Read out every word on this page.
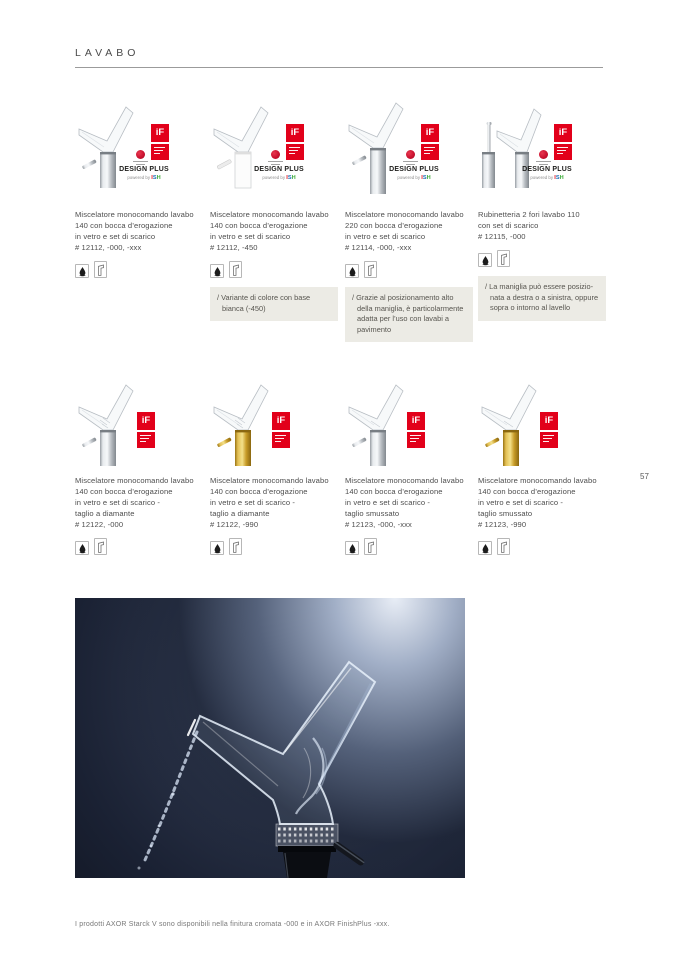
LAVABO
iF
DESIGN PLUS
powered by ISH
Miscelatore monocomando lavabo
140 con bocca d’erogazione
in vetro e set di scarico
# 12112, -000, -xxx
iF
DESIGN PLUS
powered by ISH
Miscelatore monocomando lavabo
140 con bocca d’erogazione
in vetro e set di scarico
# 12112, -450
/ Variante di colore con base
bianca (-450)
iF
DESIGN PLUS
powered by ISH
Miscelatore monocomando lavabo
220 con bocca d’erogazione
in vetro e set di scarico
# 12114, -000, -xxx
/ Grazie al posizionamento alto
della maniglia, è particolarmente
adatta per l’uso con lavabi a
pavimento
iF
DESIGN PLUS
powered by ISH
Rubinetteria 2 fori lavabo 110
con set di scarico
# 12115, -000
/ La maniglia può essere posizio-
nata a destra o a sinistra, oppure
sopra o intorno al lavello
iF
Miscelatore monocomando lavabo
140 con bocca d’erogazione
in vetro e set di scarico -
taglio a diamante
# 12122, -000
iF
Miscelatore monocomando lavabo
140 con bocca d’erogazione
in vetro e set di scarico -
taglio a diamante
# 12122, -990
iF
Miscelatore monocomando lavabo
140 con bocca d’erogazione
in vetro e set di scarico -
taglio smussato
# 12123, -000, -xxx
iF
Miscelatore monocomando lavabo
140 con bocca d’erogazione
in vetro e set di scarico -
taglio smussato
# 12123, -990
57
I prodotti AXOR Starck V sono disponibili nella finitura cromata -000 e in AXOR FinishPlus -xxx.
